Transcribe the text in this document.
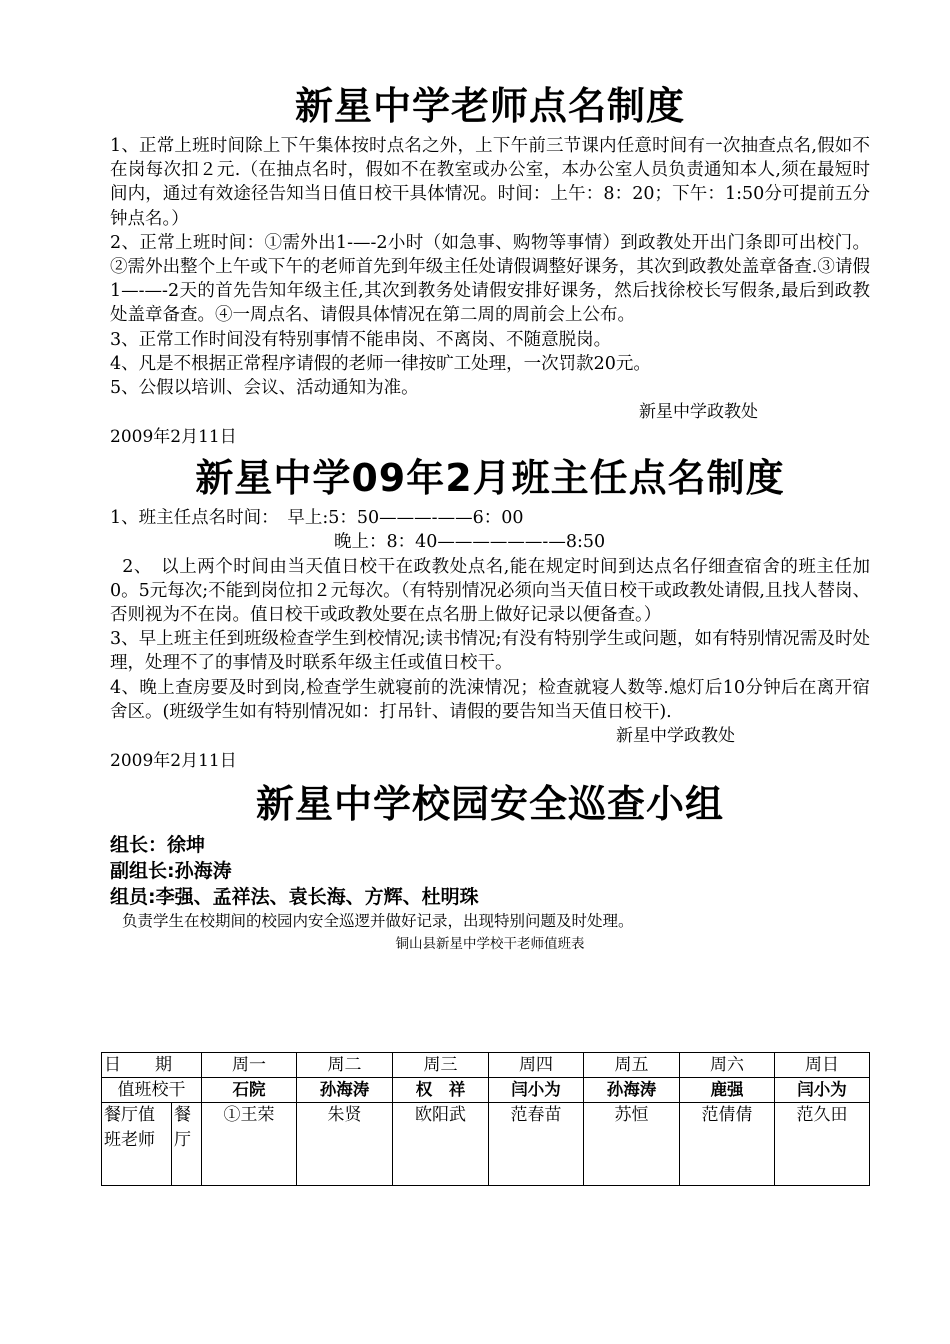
新星中学老师点名制度

1、正常上班时间除上下午集体按时点名之外，上下午前三节课内任意时间有一次抽查点名,假如不在岗每次扣２元.（在抽点名时，假如不在教室或办公室，本办公室人员负责通知本人,须在最短时间内，通过有效途径告知当日值日校干具体情况。时间：上午：8：20；下午：1:50分可提前五分钟点名。）

2、正常上班时间：①需外出1-—-2小时（如急事、购物等事情）到政教处开出门条即可出校门。②需外出整个上午或下午的老师首先到年级主任处请假调整好课务，其次到政教处盖章备查.③请假1—-—-2天的首先告知年级主任,其次到教务处请假安排好课务，然后找徐校长写假条,最后到政教处盖章备查。④一周点名、请假具体情况在第二周的周前会上公布。

3、正常工作时间没有特别事情不能串岗、不离岗、不随意脱岗。

4、凡是不根据正常程序请假的老师一律按旷工处理，一次罚款20元。

5、公假以培训、会议、活动通知为准。

新星中学政教处

2009年2月11日

新星中学09年2月班主任点名制度

1、班主任点名时间：　早上:5：50———-——6：00

晚上：8：40——————-—8:50

2、　以上两个时间由当天值日校干在政教处点名,能在规定时间到达点名仔细查宿舍的班主任加0。5元每次;不能到岗位扣２元每次。（有特别情况必须向当天值日校干或政教处请假,且找人替岗、否则视为不在岗。值日校干或政教处要在点名册上做好记录以便备查。）

3、早上班主任到班级检查学生到校情况;读书情况;有没有特别学生或问题，如有特别情况需及时处理，处理不了的事情及时联系年级主任或值日校干。

4、晚上查房要及时到岗,检查学生就寝前的洗涑情况；检查就寝人数等.熄灯后10分钟后在离开宿舍区。(班级学生如有特别情况如：打吊针、请假的要告知当天值日校干).

新星中学政教处

2009年2月11日

新星中学校园安全巡查小组

组长：徐坤

副组长:孙海涛

组员:李强、孟祥法、袁长海、方辉、杜明珠

负责学生在校期间的校园内安全巡逻并做好记录，出现特别问题及时处理。

铜山县新星中学校干老师值班表

日　　期		周一	周二	周三	周四	周五	周六	周日
值班校干		石院	孙海涛	权　祥	闫小为	孙海涛	鹿强	闫小为
餐厅值班老师	餐厅	①王荣	朱贤	欧阳武	范春苗	苏恒	范倩倩	范久田
